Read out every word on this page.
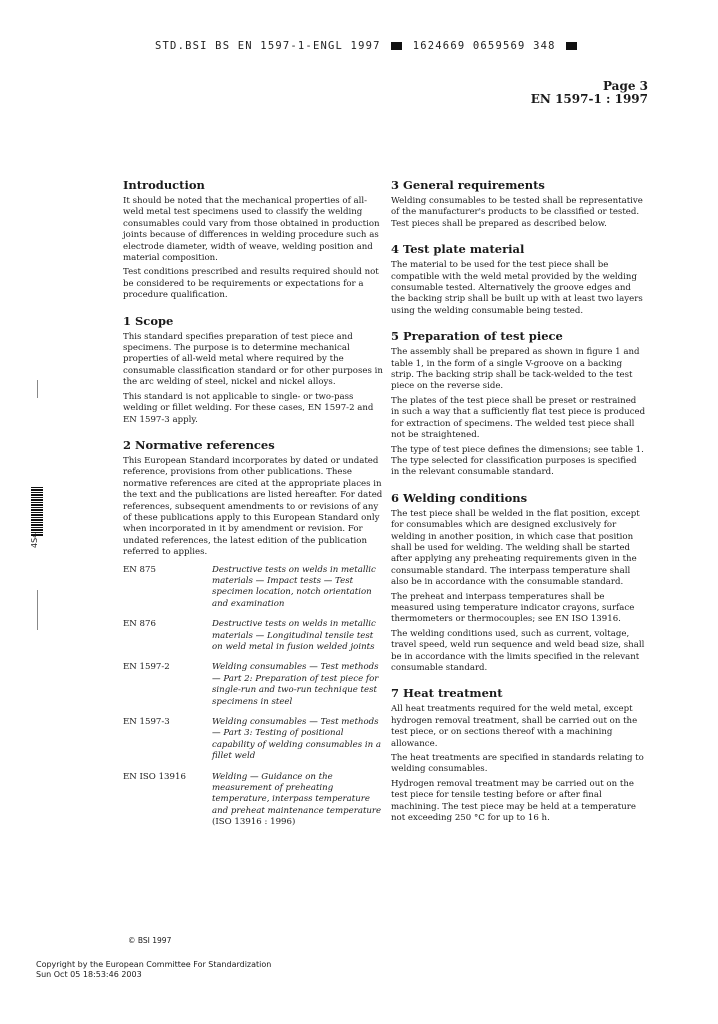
STD.BSI BS EN 1597-1-ENGL 1997	1624669 0659569 348
Page 3
EN 1597-1 : 1997
4S4
Introduction

It should be noted that the mechanical properties of all-weld metal test specimens used to classify the welding consumables could vary from those obtained in production joints because of differences in welding procedure such as electrode diameter, width of weave, welding position and material composition.

Test conditions prescribed and results required should not be considered to be requirements or expectations for a procedure qualification.

1 Scope

This standard specifies preparation of test piece and specimens. The purpose is to determine mechanical properties of all-weld metal where required by the consumable classification standard or for other purposes in the arc welding of steel, nickel and nickel alloys.

This standard is not applicable to single- or two-pass welding or fillet welding. For these cases, EN 1597-2 and EN 1597-3 apply.

2 Normative references

This European Standard incorporates by dated or undated reference, provisions from other publications. These normative references are cited at the appropriate places in the text and the publications are listed hereafter. For dated references, subsequent amendments to or revisions of any of these publications apply to this European Standard only when incorporated in it by amendment or revision. For undated references, the latest edition of the publication referred to applies.

EN 875	Destructive tests on welds in metallic materials — Impact tests — Test specimen location, notch orientation and examination
EN 876	Destructive tests on welds in metallic materials — Longitudinal tensile test on weld metal in fusion welded joints
EN 1597-2	Welding consumables — Test methods — Part 2: Preparation of test piece for single-run and two-run technique test specimens in steel
EN 1597-3	Welding consumables — Test methods — Part 3: Testing of positional capability of welding consumables in a fillet weld
EN ISO 13916	Welding — Guidance on the measurement of preheating temperature, interpass temperature and preheat maintenance temperature
(ISO 13916 : 1996)
3 General requirements

Welding consumables to be tested shall be representative of the manufacturer's products to be classified or tested. Test pieces shall be prepared as described below.

4 Test plate material

The material to be used for the test piece shall be compatible with the weld metal provided by the welding consumable tested. Alternatively the groove edges and the backing strip shall be built up with at least two layers using the welding consumable being tested.

5 Preparation of test piece

The assembly shall be prepared as shown in figure 1 and table 1, in the form of a single V-groove on a backing strip. The backing strip shall be tack-welded to the test piece on the reverse side.

The plates of the test piece shall be preset or restrained in such a way that a sufficiently flat test piece is produced for extraction of specimens. The welded test piece shall not be straightened.

The type of test piece defines the dimensions; see table 1. The type selected for classification purposes is specified in the relevant consumable standard.

6 Welding conditions

The test piece shall be welded in the flat position, except for consumables which are designed exclusively for welding in another position, in which case that position shall be used for welding. The welding shall be started after applying any preheating requirements given in the consumable standard. The interpass temperature shall also be in accordance with the consumable standard.

The preheat and interpass temperatures shall be measured using temperature indicator crayons, surface thermometers or thermocouples; see EN ISO 13916.

The welding conditions used, such as current, voltage, travel speed, weld run sequence and weld bead size, shall be in accordance with the limits specified in the relevant consumable standard.

7 Heat treatment

All heat treatments required for the weld metal, except hydrogen removal treatment, shall be carried out on the test piece, or on sections thereof with a machining allowance.

The heat treatments are specified in standards relating to welding consumables.

Hydrogen removal treatment may be carried out on the test piece for tensile testing before or after final machining. The test piece may be held at a temperature not exceeding 250 °C for up to 16 h.

© BSI 1997
Copyright by the European Committee For Standardization
Sun Oct 05 18:53:46 2003
